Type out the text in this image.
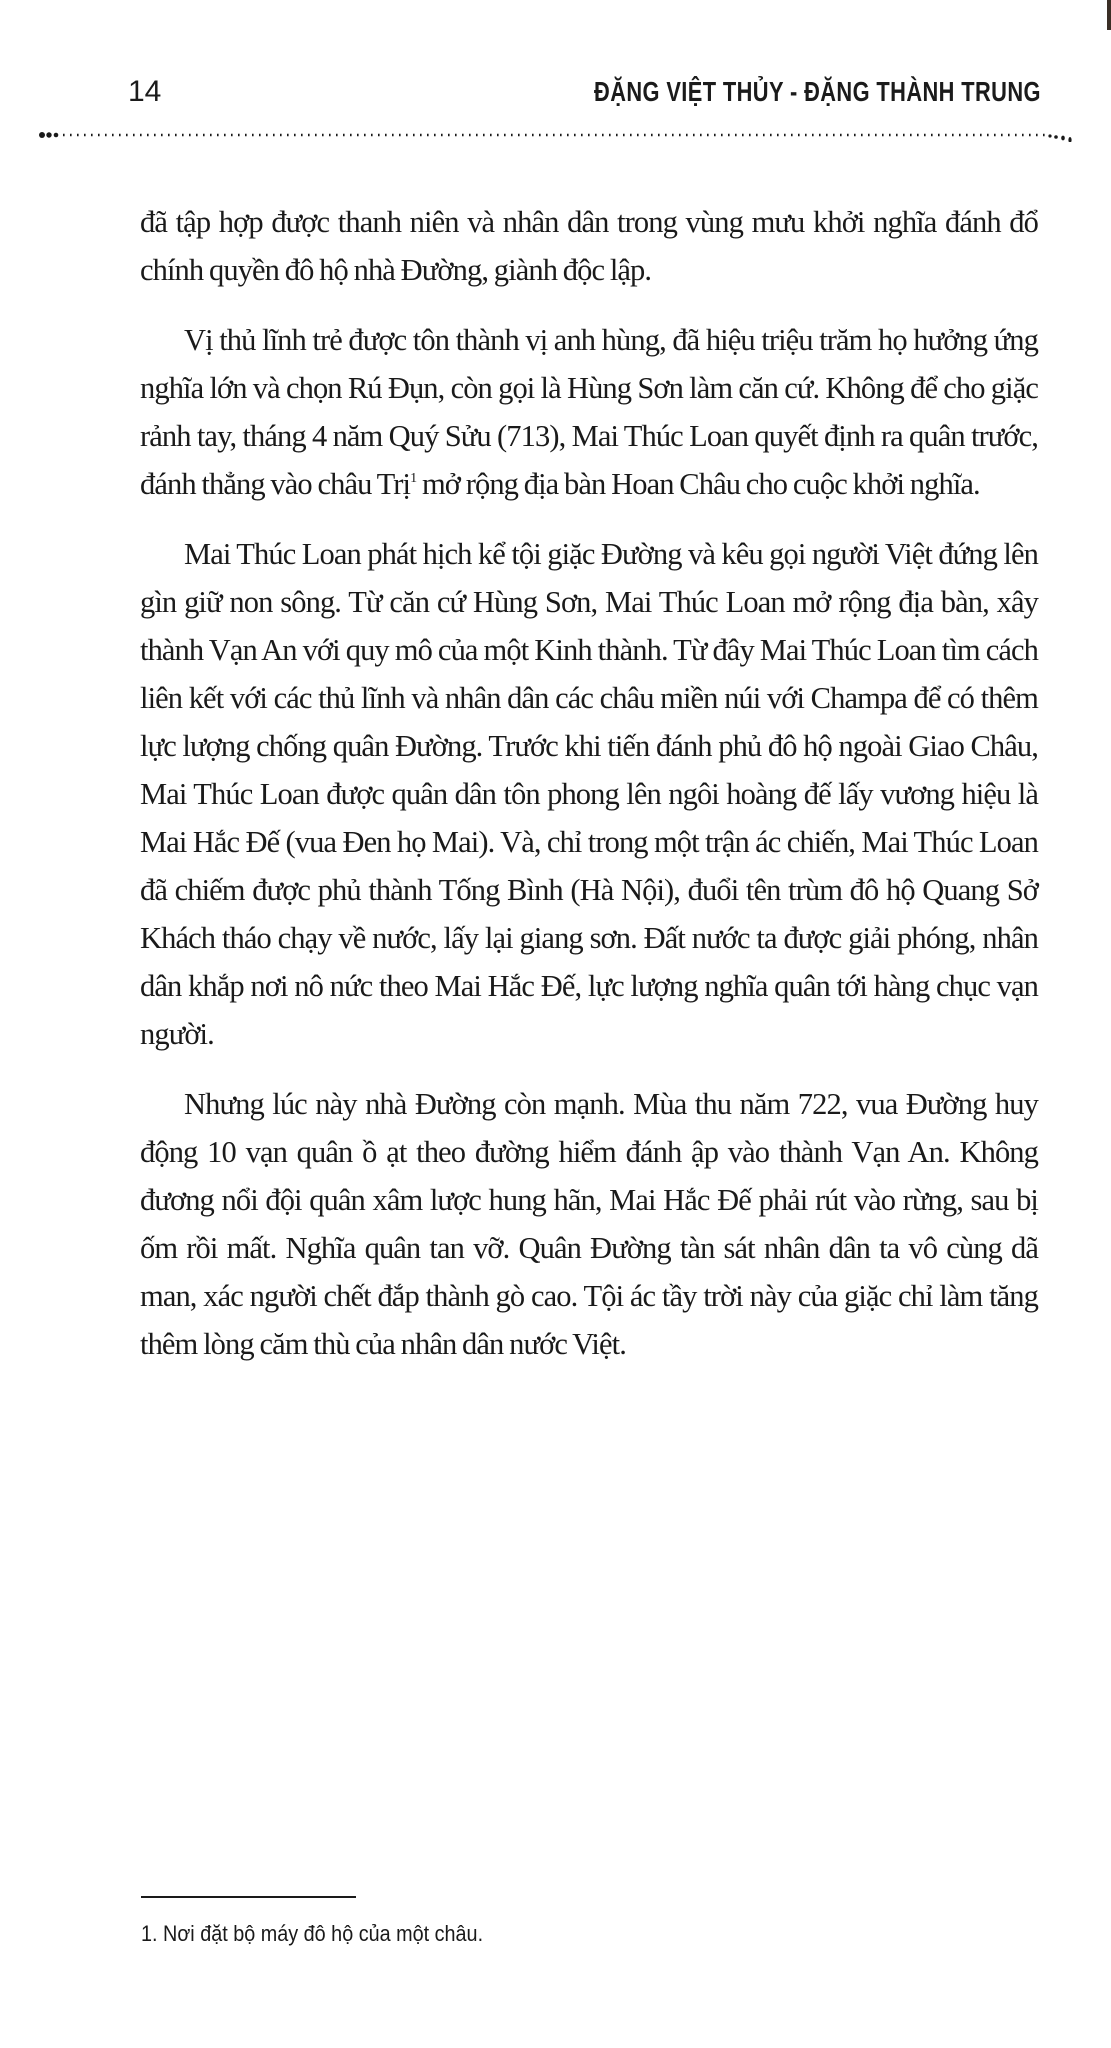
14	ĐẶNG VIỆT THỦY - ĐẶNG THÀNH TRUNG

đã tập hợp được thanh niên và nhân dân trong vùng mưu khởi nghĩa đánh đổ chính quyền đô hộ nhà Đường, giành độc lập.

Vị thủ lĩnh trẻ được tôn thành vị anh hùng, đã hiệu triệu trăm họ hưởng ứng nghĩa lớn và chọn Rú Đụn, còn gọi là Hùng Sơn làm căn cứ. Không để cho giặc rảnh tay, tháng 4 năm Quý Sửu (713), Mai Thúc Loan quyết định ra quân trước, đánh thẳng vào châu Trị$^1$ mở rộng địa bàn Hoan Châu cho cuộc khởi nghĩa.

Mai Thúc Loan phát hịch kể tội giặc Đường và kêu gọi người Việt đứng lên gìn giữ non sông. Từ căn cứ Hùng Sơn, Mai Thúc Loan mở rộng địa bàn, xây thành Vạn An với quy mô của một Kinh thành. Từ đây Mai Thúc Loan tìm cách liên kết với các thủ lĩnh và nhân dân các châu miền núi với Champa để có thêm lực lượng chống quân Đường. Trước khi tiến đánh phủ đô hộ ngoài Giao Châu, Mai Thúc Loan được quân dân tôn phong lên ngôi hoàng đế lấy vương hiệu là Mai Hắc Đế (vua Đen họ Mai). Và, chỉ trong một trận ác chiến, Mai Thúc Loan đã chiếm được phủ thành Tống Bình (Hà Nội), đuổi tên trùm đô hộ Quang Sở Khách tháo chạy về nước, lấy lại giang sơn. Đất nước ta được giải phóng, nhân dân khắp nơi nô nức theo Mai Hắc Đế, lực lượng nghĩa quân tới hàng chục vạn người.

Nhưng lúc này nhà Đường còn mạnh. Mùa thu năm 722, vua Đường huy động 10 vạn quân ồ ạt theo đường hiểm đánh ập vào thành Vạn An. Không đương nổi đội quân xâm lược hung hãn, Mai Hắc Đế phải rút vào rừng, sau bị ốm rồi mất. Nghĩa quân tan vỡ. Quân Đường tàn sát nhân dân ta vô cùng dã man, xác người chết đắp thành gò cao. Tội ác tầy trời này của giặc chỉ làm tăng thêm lòng căm thù của nhân dân nước Việt.

1. Nơi đặt bộ máy đô hộ của một châu.
